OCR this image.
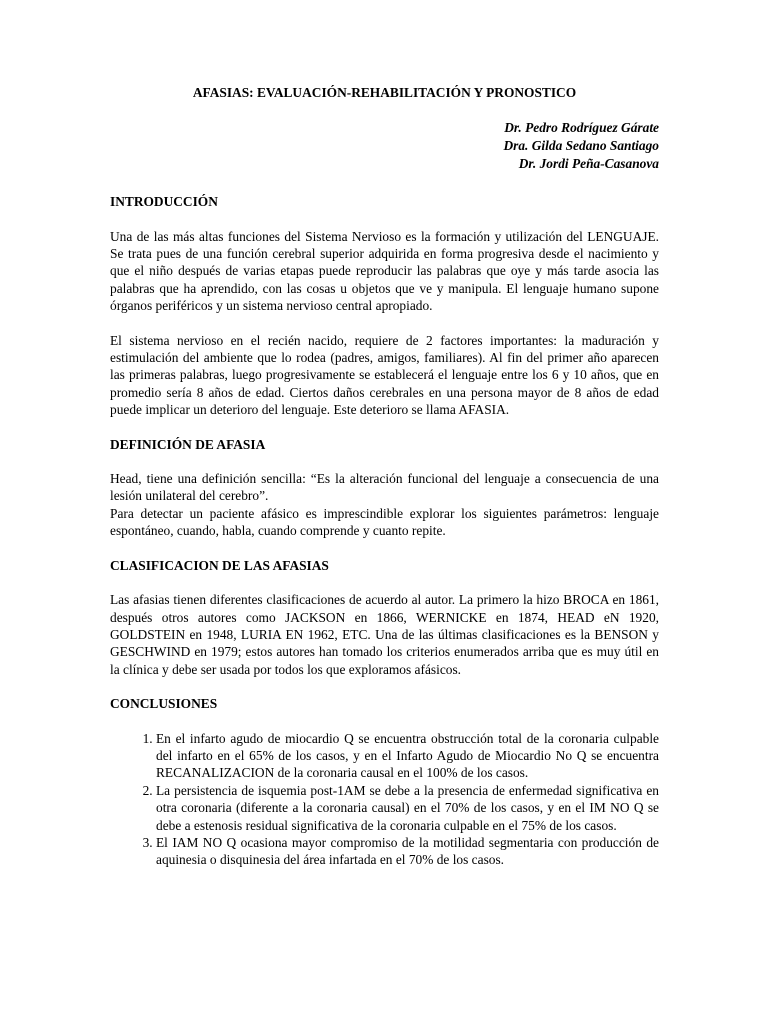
AFASIAS: EVALUACIÓN-REHABILITACIÓN Y PRONOSTICO
Dr. Pedro Rodríguez Gárate
Dra. Gilda Sedano Santiago
Dr. Jordi Peña-Casanova
INTRODUCCIÓN

Una de las más altas funciones del Sistema Nervioso es la formación y utilización del LENGUAJE. Se trata pues de una función cerebral superior adquirida en forma progresiva desde el nacimiento y que el niño después de varias etapas puede reproducir las palabras que oye y más tarde asocia las palabras que ha aprendido, con las cosas u objetos que ve y manipula. El lenguaje humano supone órganos periféricos y un sistema nervioso central apropiado.

El sistema nervioso en el recién nacido, requiere de 2 factores importantes: la maduración y estimulación del ambiente que lo rodea (padres, amigos, familiares). Al fin del primer año aparecen las primeras palabras, luego progresivamente se establecerá el lenguaje entre los 6 y 10 años, que en promedio sería 8 años de edad. Ciertos daños cerebrales en una persona mayor de 8 años de edad puede implicar un deterioro del lenguaje. Este deterioro se llama AFASIA.

DEFINICIÓN DE AFASIA

Head, tiene una definición sencilla: “Es la alteración funcional del lenguaje a consecuencia de una lesión unilateral del cerebro”.

Para detectar un paciente afásico es imprescindible explorar los siguientes parámetros: lenguaje espontáneo, cuando, habla, cuando comprende y cuanto repite.

CLASIFICACION DE LAS AFASIAS

Las afasias tienen diferentes clasificaciones de acuerdo al autor. La primero la hizo BROCA en 1861, después otros autores como JACKSON en 1866, WERNICKE en 1874, HEAD eN 1920, GOLDSTEIN en 1948, LURIA EN 1962, ETC. Una de las últimas clasificaciones es la BENSON y GESCHWIND en 1979; estos autores han tomado los criterios enumerados arriba que es muy útil en la clínica y debe ser usada por todos los que exploramos afásicos.

CONCLUSIONES
1. En el infarto agudo de miocardio Q se encuentra obstrucción total de la coronaria culpable del infarto en el 65% de los casos, y en el Infarto Agudo de Miocardio No Q se encuentra RECANALIZACION de la coronaria causal en el 100% de los casos.
2. La persistencia de isquemia post-1AM se debe a la presencia de enfermedad significativa en otra coronaria (diferente a la coronaria causal) en el 70% de los casos, y en el IM NO Q se debe a estenosis residual significativa de la coronaria culpable en el 75% de los casos.
3. El IAM NO Q ocasiona mayor compromiso de la motilidad segmentaria con producción de aquinesia o disquinesia del área infartada en el 70% de los casos.
